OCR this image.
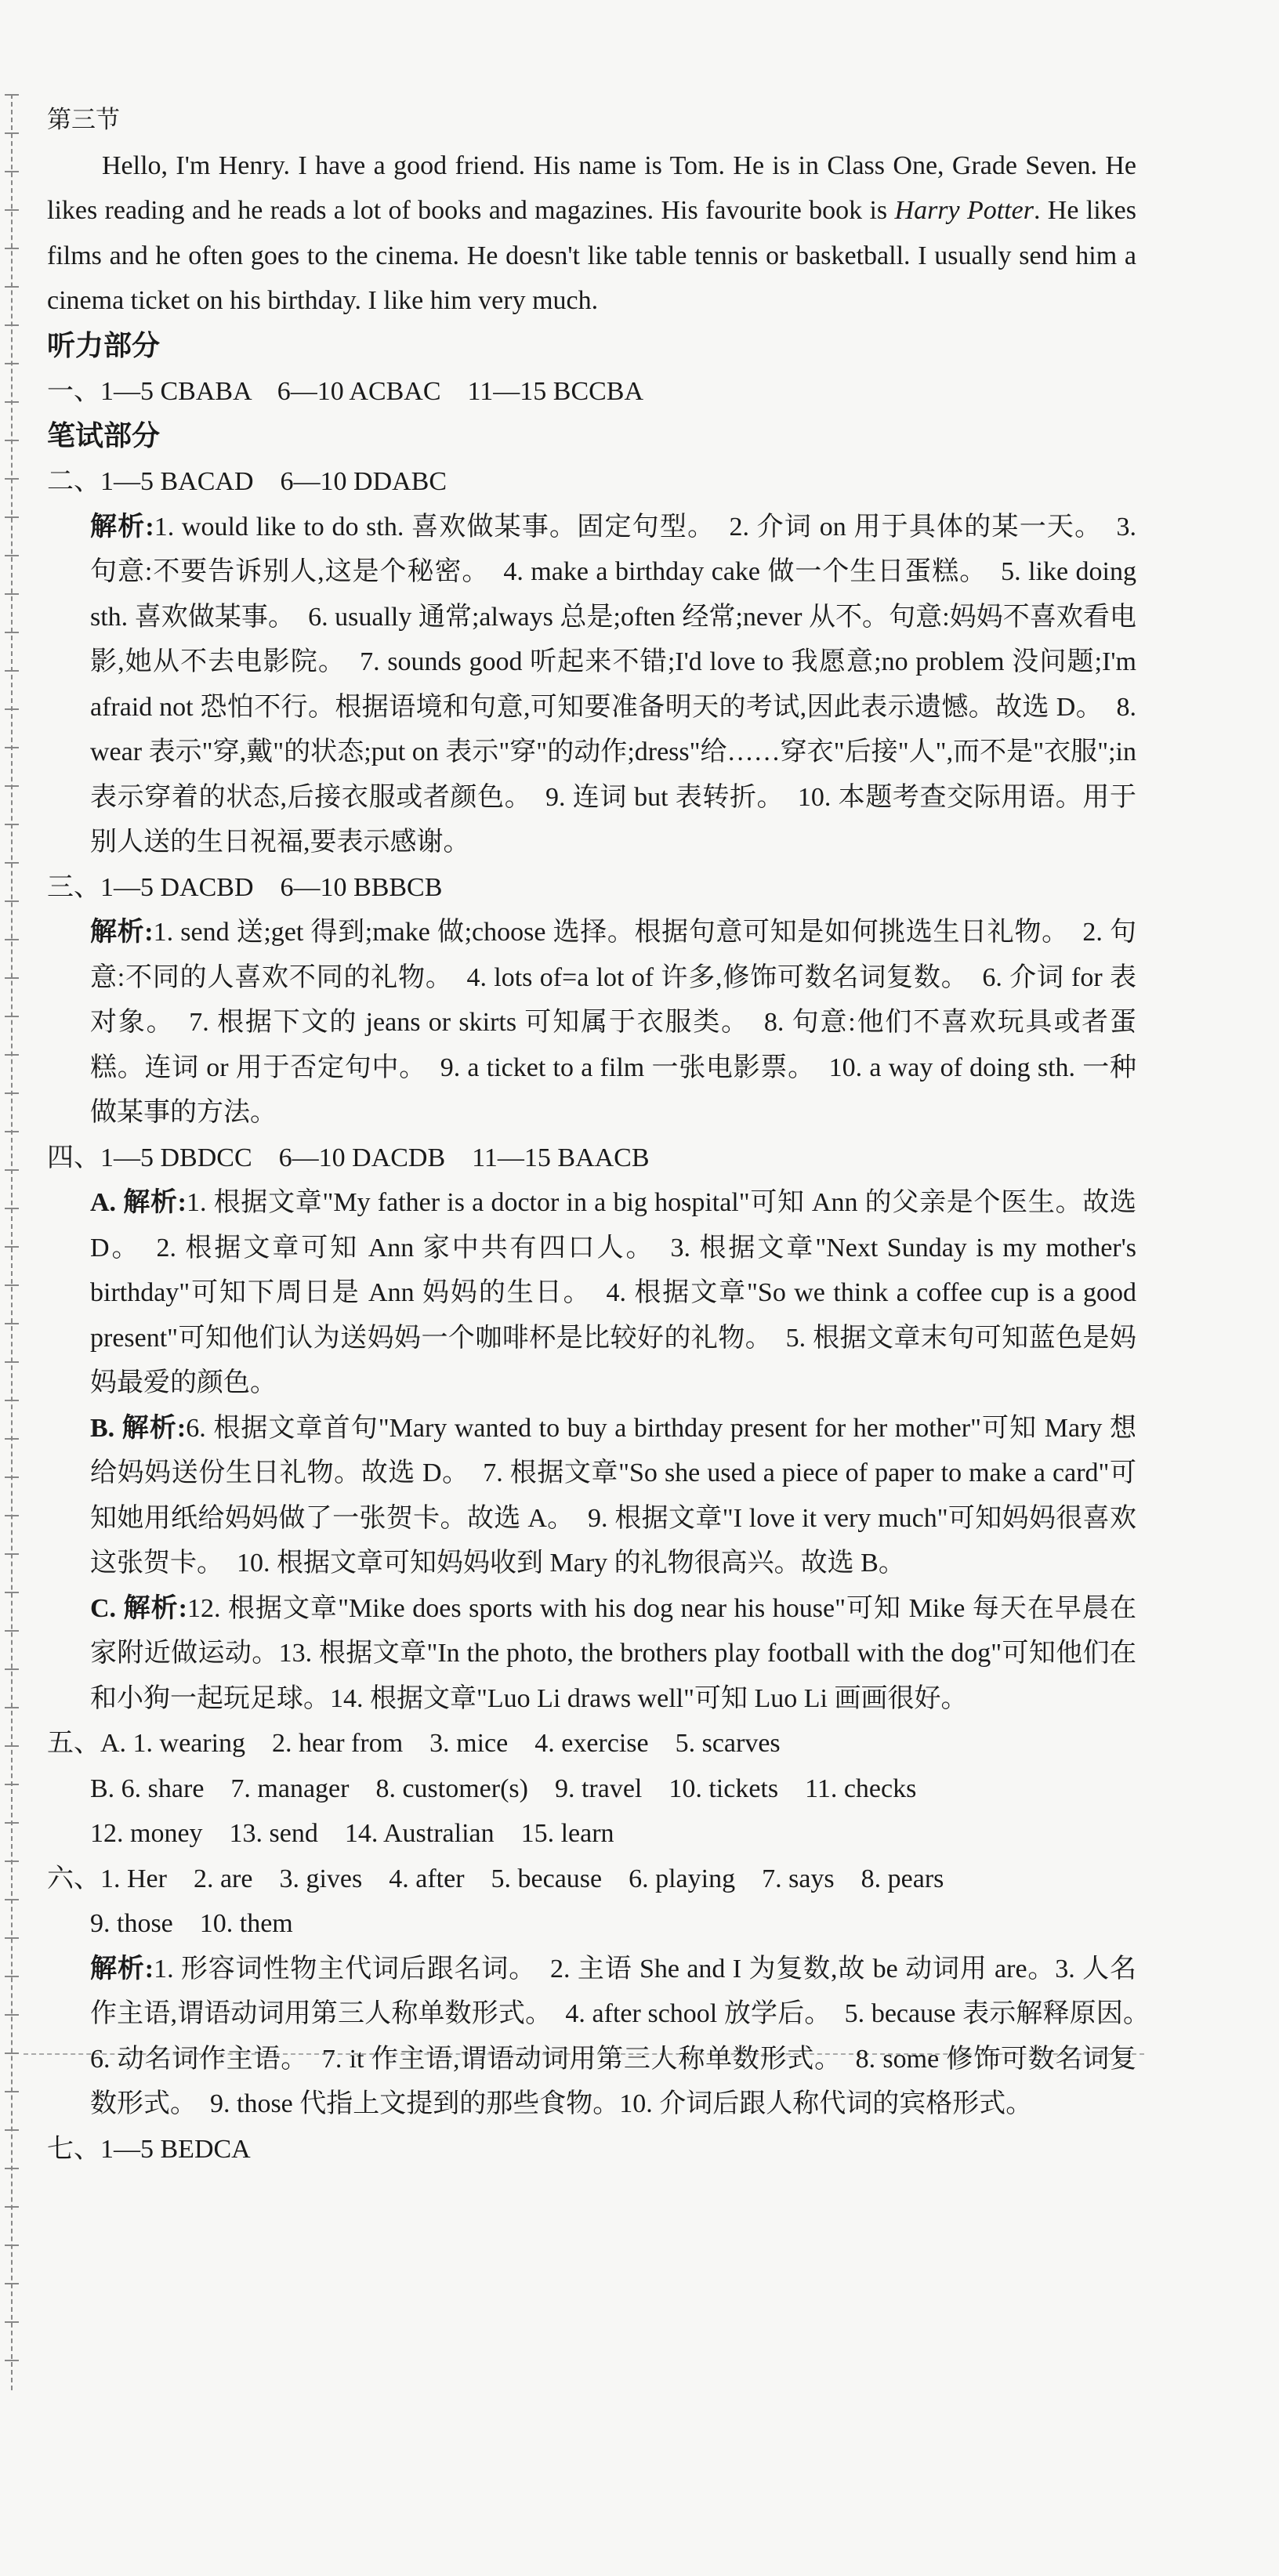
第三节

Hello, I'm Henry. I have a good friend. His name is Tom. He is in Class One, Grade Seven. He likes reading and he reads a lot of books and magazines. His favourite book is Harry Potter. He likes films and he often goes to the cinema. He doesn't like table tennis or basketball. I usually send him a cinema ticket on his birthday. I like him very much.

听力部分

一、1—5 CBABA　6—10 ACBAC　11—15 BCCBA

笔试部分

二、1—5 BACAD　6—10 DDABC

解析:1. would like to do sth. 喜欢做某事。固定句型。　2. 介词 on 用于具体的某一天。　3. 句意:不要告诉别人,这是个秘密。　4. make a birthday cake 做一个生日蛋糕。　5. like doing sth. 喜欢做某事。　6. usually 通常;always 总是;often 经常;never 从不。句意:妈妈不喜欢看电影,她从不去电影院。　7. sounds good 听起来不错;I'd love to 我愿意;no problem 没问题;I'm afraid not 恐怕不行。根据语境和句意,可知要准备明天的考试,因此表示遗憾。故选 D。　8. wear 表示"穿,戴"的状态;put on 表示"穿"的动作;dress"给……穿衣"后接"人",而不是"衣服";in 表示穿着的状态,后接衣服或者颜色。　9. 连词 but 表转折。　10. 本题考查交际用语。用于别人送的生日祝福,要表示感谢。

三、1—5 DACBD　6—10 BBBCB

解析:1. send 送;get 得到;make 做;choose 选择。根据句意可知是如何挑选生日礼物。　2. 句意:不同的人喜欢不同的礼物。　4. lots of=a lot of 许多,修饰可数名词复数。　6. 介词 for 表对象。　7. 根据下文的 jeans or skirts 可知属于衣服类。　8. 句意:他们不喜欢玩具或者蛋糕。连词 or 用于否定句中。　9. a ticket to a film 一张电影票。　10. a way of doing sth. 一种做某事的方法。

四、1—5 DBDCC　6—10 DACDB　11—15 BAACB

A. 解析:1. 根据文章"My father is a doctor in a big hospital"可知 Ann 的父亲是个医生。故选 D。　2. 根据文章可知 Ann 家中共有四口人。　3. 根据文章"Next Sunday is my mother's birthday"可知下周日是 Ann 妈妈的生日。　4. 根据文章"So we think a coffee cup is a good present"可知他们认为送妈妈一个咖啡杯是比较好的礼物。　5. 根据文章末句可知蓝色是妈妈最爱的颜色。

B. 解析:6. 根据文章首句"Mary wanted to buy a birthday present for her mother"可知 Mary 想给妈妈送份生日礼物。故选 D。　7. 根据文章"So she used a piece of paper to make a card"可知她用纸给妈妈做了一张贺卡。故选 A。　9. 根据文章"I love it very much"可知妈妈很喜欢这张贺卡。　10. 根据文章可知妈妈收到 Mary 的礼物很高兴。故选 B。

C. 解析:12. 根据文章"Mike does sports with his dog near his house"可知 Mike 每天在早晨在家附近做运动。13. 根据文章"In the photo, the brothers play football with the dog"可知他们在和小狗一起玩足球。14. 根据文章"Luo Li draws well"可知 Luo Li 画画很好。

五、A. 1. wearing　2. hear from　3. mice　4. exercise　5. scarves

B. 6. share　7. manager　8. customer(s)　9. travel　10. tickets　11. checks

12. money　13. send　14. Australian　15. learn

六、1. Her　2. are　3. gives　4. after　5. because　6. playing　7. says　8. pears

9. those　10. them

解析:1. 形容词性物主代词后跟名词。　2. 主语 She and I 为复数,故 be 动词用 are。3. 人名作主语,谓语动词用第三人称单数形式。　4. after school 放学后。　5. because 表示解释原因。　6. 动名词作主语。　7. it 作主语,谓语动词用第三人称单数形式。　8. some 修饰可数名词复数形式。　9. those 代指上文提到的那些食物。10. 介词后跟人称代词的宾格形式。

七、1—5 BEDCA
